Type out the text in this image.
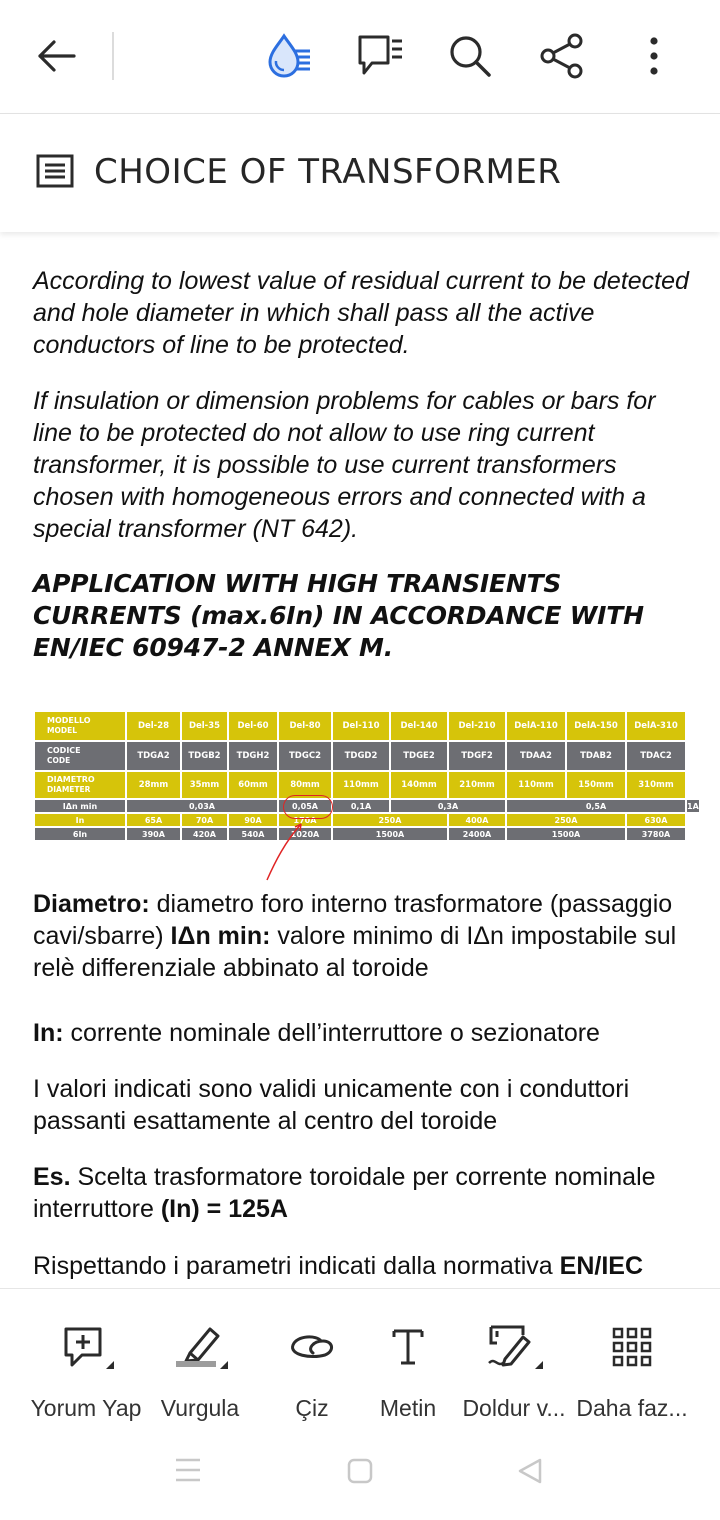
CHOICE OF TRANSFORMER

According to lowest value of residual current to be detected and hole diameter in which shall pass all the active conductors of line to be protected.

If insulation or dimension problems for cables or bars for line to be protected do not allow to use ring current transformer, it is possible to use current transformers chosen with homogeneous errors and connected with a special transformer (NT 642).

APPLICATION WITH HIGH TRANSIENTS CURRENTS (max.6In) IN ACCORDANCE WITH EN/IEC 60947-2 ANNEX M.

MODELLO
MODEL	Del-28	Del-35	Del-60	Del-80	Del-110	Del-140	Del-210	DelA-110	DelA-150	DelA-310	

CODICE
CODE	TDGA2	TDGB2	TDGH2	TDGC2	TDGD2	TDGE2	TDGF2	TDAA2	TDAB2	TDAC2	

DIAMETRO
DIAMETER	28mm	35mm	60mm	80mm	110mm	140mm	210mm	110mm	150mm	310mm	
IΔn min	0,03A			0,05A	0,1A	0,3A		0,5A			1A
In	65A	70A	90A	170A	250A		400A	250A		630A	
6In	390A	420A	540A	1020A	1500A		2400A	1500A		3780A	

Diametro: diametro foro interno trasformatore (passaggio cavi/sbarre) IΔn min: valore minimo di IΔn impostabile sul relè differenziale abbinato al toroide

In: corrente nominale dell’interruttore o sezionatore

I valori indicati sono validi unicamente con i conduttori passanti esattamente al centro del toroide

Es. Scelta trasformatore toroidale per corrente nominale interruttore (In) = 125A

Rispettando i parametri indicati dalla normativa EN/IEC

Yorum Yap Vurgula	Çiz	Metin	Doldur v... Daha faz...
